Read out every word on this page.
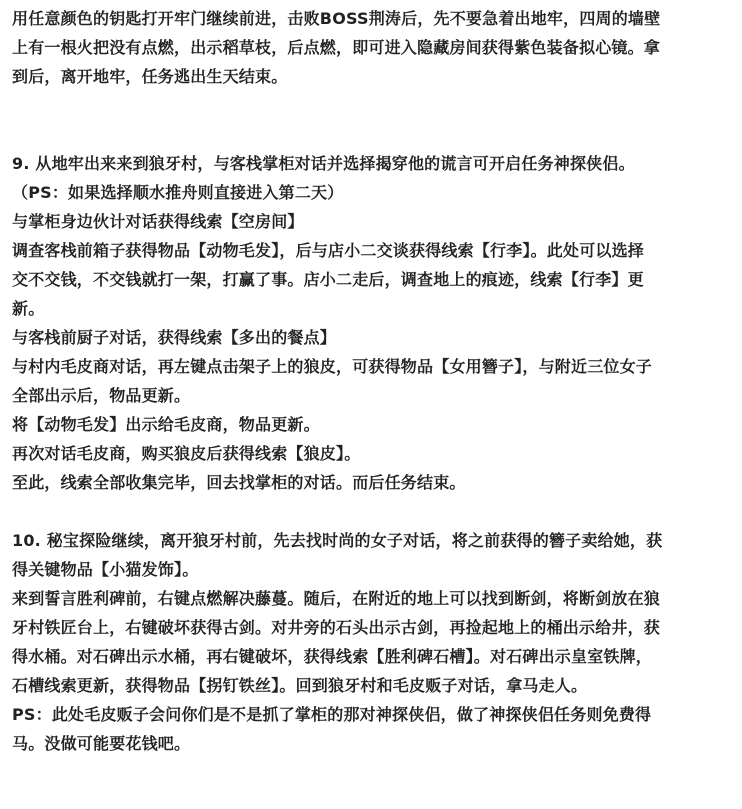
用任意颜色的钥匙打开牢门继续前进，击败BOSS荆涛后，先不要急着出地牢，四周的墙壁
上有一根火把没有点燃，出示稻草枝，后点燃，即可进入隐藏房间获得紫色装备拟心镜。拿
到后，离开地牢，任务逃出生天结束。
9. 从地牢出来来到狼牙村，与客栈掌柜对话并选择揭穿他的谎言可开启任务神探侠侣。
（PS：如果选择顺水推舟则直接进入第二天）
与掌柜身边伙计对话获得线索【空房间】
调查客栈前箱子获得物品【动物毛发】，后与店小二交谈获得线索【行李】。此处可以选择
交不交钱，不交钱就打一架，打赢了事。店小二走后，调查地上的痕迹，线索【行李】更
新。
与客栈前厨子对话，获得线索【多出的餐点】
与村内毛皮商对话，再左键点击架子上的狼皮，可获得物品【女用簪子】，与附近三位女子
全部出示后，物品更新。
将【动物毛发】出示给毛皮商，物品更新。
再次对话毛皮商，购买狼皮后获得线索【狼皮】。
至此，线索全部收集完毕，回去找掌柜的对话。而后任务结束。
10. 秘宝探险继续，离开狼牙村前，先去找时尚的女子对话，将之前获得的簪子卖给她，获
得关键物品【小猫发饰】。
来到誓言胜利碑前，右键点燃解决藤蔓。随后，在附近的地上可以找到断剑，将断剑放在狼
牙村铁匠台上，右键破坏获得古剑。对井旁的石头出示古剑，再捡起地上的桶出示给井，获
得水桶。对石碑出示水桶，再右键破坏，获得线索【胜利碑石槽】。对石碑出示皇室铁牌，
石槽线索更新，获得物品【拐钉铁丝】。回到狼牙村和毛皮贩子对话，拿马走人。
PS：此处毛皮贩子会问你们是不是抓了掌柜的那对神探侠侣，做了神探侠侣任务则免费得
马。没做可能要花钱吧。
